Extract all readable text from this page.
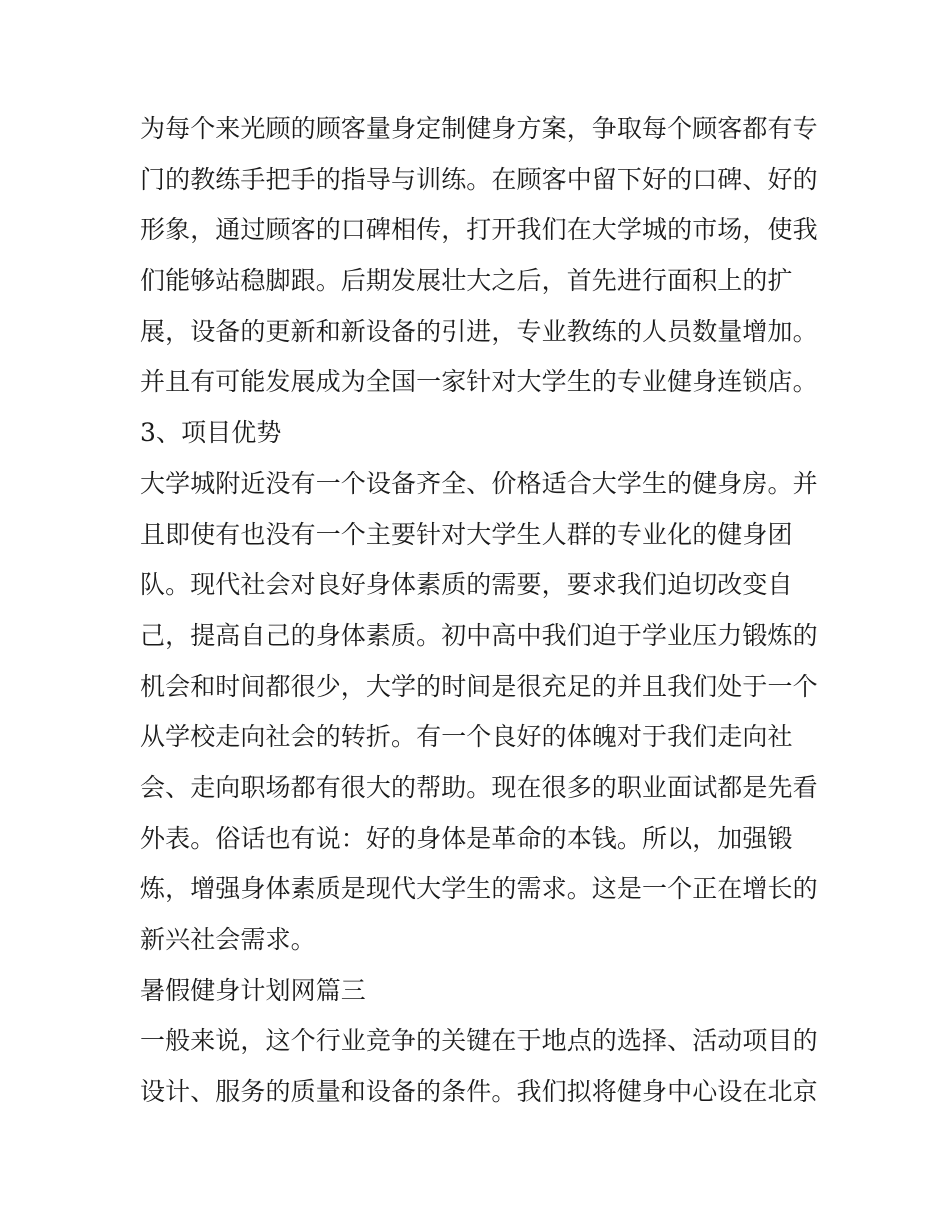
为每个来光顾的顾客量身定制健身方案，争取每个顾客都有专
门的教练手把手的指导与训练。在顾客中留下好的口碑、好的
形象，通过顾客的口碑相传，打开我们在大学城的市场，使我
们能够站稳脚跟。后期发展壮大之后，首先进行面积上的扩
展，设备的更新和新设备的引进，专业教练的人员数量增加。
并且有可能发展成为全国一家针对大学生的专业健身连锁店。
3、项目优势
大学城附近没有一个设备齐全、价格适合大学生的健身房。并
且即使有也没有一个主要针对大学生人群的专业化的健身团
队。现代社会对良好身体素质的需要，要求我们迫切改变自
己，提高自己的身体素质。初中高中我们迫于学业压力锻炼的
机会和时间都很少，大学的时间是很充足的并且我们处于一个
从学校走向社会的转折。有一个良好的体魄对于我们走向社
会、走向职场都有很大的帮助。现在很多的职业面试都是先看
外表。俗话也有说：好的身体是革命的本钱。所以，加强锻
炼，增强身体素质是现代大学生的需求。这是一个正在增长的
新兴社会需求。
暑假健身计划网篇三
一般来说，这个行业竞争的关键在于地点的选择、活动项目的
设计、服务的质量和设备的条件。我们拟将健身中心设在北京
